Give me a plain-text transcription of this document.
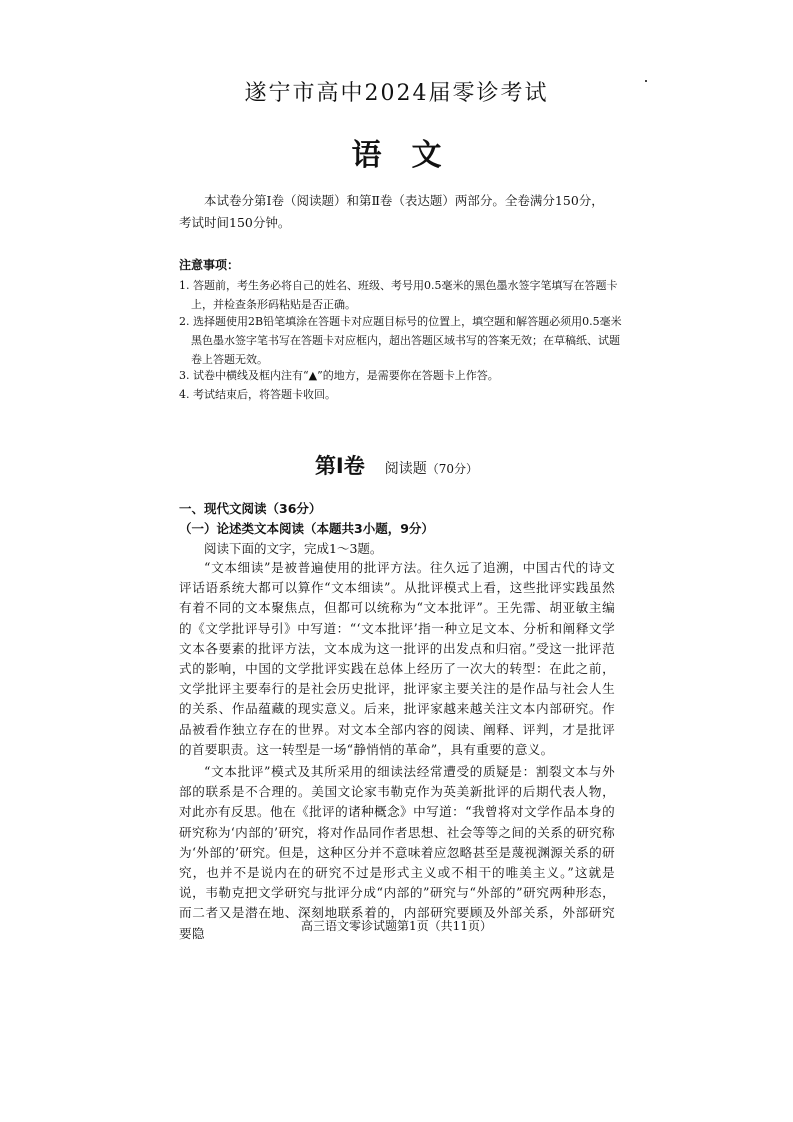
遂宁市高中2024届零诊考试
语文
本试卷分第Ⅰ卷（阅读题）和第Ⅱ卷（表达题）两部分。全卷满分150分，考试时间150分钟。
注意事项：
1. 答题前，考生务必将自己的姓名、班级、考号用0.5毫米的黑色墨水签字笔填写在答题卡上，并检查条形码粘贴是否正确。
2. 选择题使用2B铅笔填涂在答题卡对应题目标号的位置上，填空题和解答题必须用0.5毫米黑色墨水签字笔书写在答题卡对应框内，超出答题区域书写的答案无效；在草稿纸、试题卷上答题无效。
3. 试卷中横线及框内注有“▲”的地方，是需要你在答题卡上作答。
4. 考试结束后，将答题卡收回。
第Ⅰ卷 阅读题（70分）
一、现代文阅读（36分）
（一）论述类文本阅读（本题共3小题，9分）
阅读下面的文字，完成1～3题。
“文本细读”是被普遍使用的批评方法。往久远了追溯，中国古代的诗文评话语系统大都可以算作“文本细读”。从批评模式上看，这些批评实践虽然有着不同的文本聚焦点，但都可以统称为“文本批评”。王先霈、胡亚敏主编的《文学批评导引》中写道：“‘文本批评’指一种立足文本、分析和阐释文学文本各要素的批评方法，文本成为这一批评的出发点和归宿。”受这一批评范式的影响，中国的文学批评实践在总体上经历了一次大的转型：在此之前，文学批评主要奉行的是社会历史批评，批评家主要关注的是作品与社会人生的关系、作品蕴藏的现实意义。后来，批评家越来越关注文本内部研究。作品被看作独立存在的世界。对文本全部内容的阅读、阐释、评判，才是批评的首要职责。这一转型是一场“静悄悄的革命”，具有重要的意义。
“文本批评”模式及其所采用的细读法经常遭受的质疑是：割裂文本与外部的联系是不合理的。美国文论家韦勒克作为英美新批评的后期代表人物，对此亦有反思。他在《批评的诸种概念》中写道：“我曾将对文学作品本身的研究称为‘内部的’研究，将对作品同作者思想、社会等等之间的关系的研究称为‘外部的’研究。但是，这种区分并不意味着应忽略甚至是蔑视渊源关系的研究，也并不是说内在的研究不过是形式主义或不相干的唯美主义。”这就是说，韦勒克把文学研究与批评分成“内部的”研究与“外部的”研究两种形态，而二者又是潜在地、深刻地联系着的，内部研究要顾及外部关系，外部研究要隐	高三语文零诊试题第1页（共11页）
